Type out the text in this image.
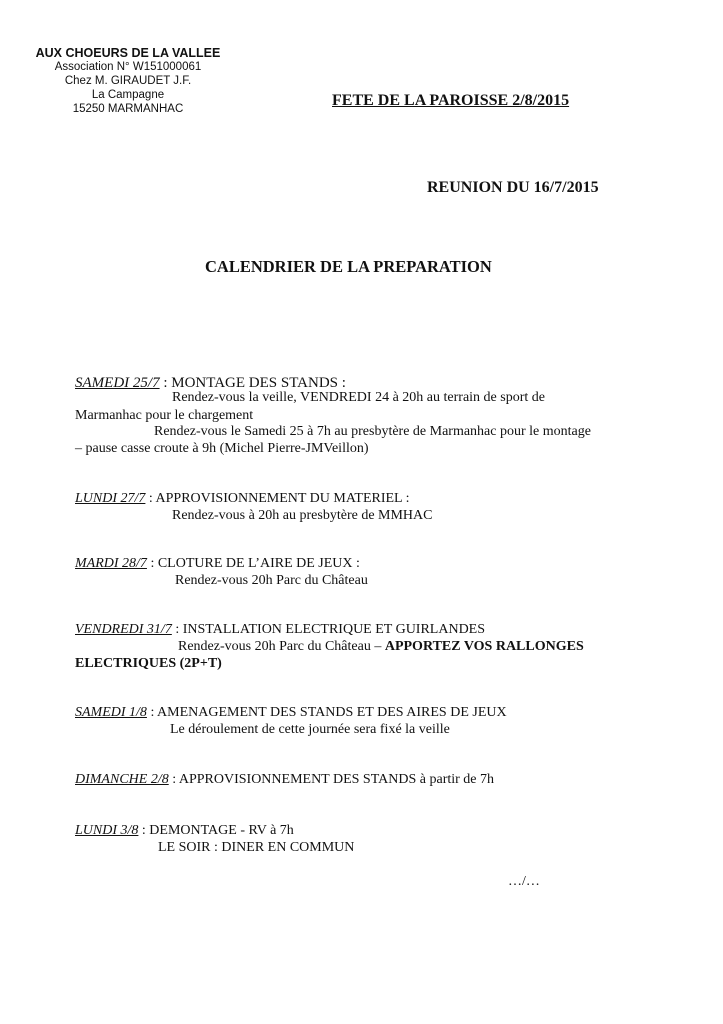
AUX CHOEURS DE LA VALLEE
Association N° W151000061
Chez M. GIRAUDET J.F.
La Campagne
15250 MARMANHAC	FETE DE LA PAROISSE 2/8/2015
REUNION DU 16/7/2015
CALENDRIER DE LA PREPARATION
SAMEDI 25/7 : MONTAGE DES STANDS :
Rendez-vous la veille, VENDREDI 24 à 20h au terrain de sport de
Marmanhac pour le chargement
Rendez-vous le Samedi 25 à 7h au presbytère de Marmanhac pour le montage
– pause casse croute à 9h (Michel Pierre-JMVeillon)
LUNDI 27/7 : APPROVISIONNEMENT DU MATERIEL :
Rendez-vous à 20h au presbytère de MMHAC
MARDI 28/7 : CLOTURE DE L’AIRE DE JEUX :
Rendez-vous 20h Parc du Château
VENDREDI 31/7 : INSTALLATION ELECTRIQUE ET GUIRLANDES
Rendez-vous 20h Parc du Château – APPORTEZ VOS RALLONGES
ELECTRIQUES (2P+T)
SAMEDI 1/8 : AMENAGEMENT DES STANDS ET DES AIRES DE JEUX
Le déroulement de cette journée sera fixé la veille
DIMANCHE 2/8 : APPROVISIONNEMENT DES STANDS à partir de 7h
LUNDI 3/8 : DEMONTAGE - RV à 7h
LE SOIR : DINER EN COMMUN
…/…
